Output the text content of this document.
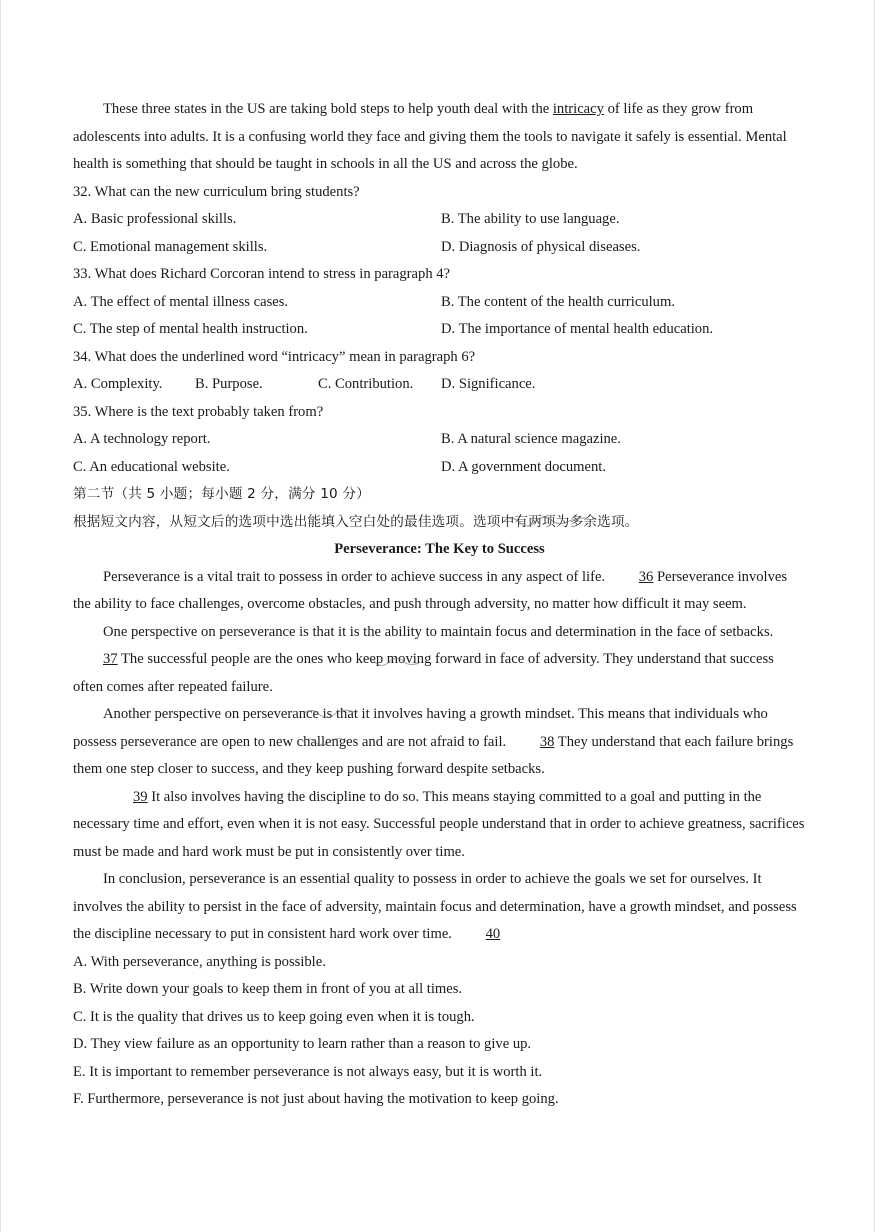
These three states in the US are taking bold steps to help youth deal with the intricacy of life as they grow from adolescents into adults. It is a confusing world they face and giving them the tools to navigate it safely is essential. Mental health is something that should be taught in schools in all the US and across the globe.

32. What can the new curriculum bring students?

A. Basic professional skills.	B. The ability to use language.
C. Emotional management skills.	D. Diagnosis of physical diseases.

33. What does Richard Corcoran intend to stress in paragraph 4?

A. The effect of mental illness cases.	B. The content of the health curriculum.
C. The step of mental health instruction.	D. The importance of mental health education.

34. What does the underlined word “intricacy” mean in paragraph 6?

A. Complexity.	B. Purpose.	C. Contribution.	D. Significance.

35. Where is the text probably taken from?

A. A technology report.	B. A natural science magazine.
C. An educational website.	D. A government document.

第二节（共 5 小题；每小题 2 分，满分 10 分）

根据短文内容，从短文后的选项中选出能填入空白处的最佳选项。选项中有两项为多余选项。

Perseverance: The Key to Success

Perseverance is a vital trait to possess in order to achieve success in any aspect of life. 36 Perseverance involves the ability to face challenges, overcome obstacles, and push through adversity, no matter how difficult it may seem.

One perspective on perseverance is that it is the ability to maintain focus and determination in the face of setbacks. 37 The successful people are the ones who keep moving forward in face of adversity. They understand that success often comes after repeated failure.

Another perspective on perseverance is that it involves having a growth mindset. This means that individuals who possess perseverance are open to new challenges and are not afraid to fail. 38 They understand that each failure brings them one step closer to success, and they keep pushing forward despite setbacks.

39 It also involves having the discipline to do so. This means staying committed to a goal and putting in the necessary time and effort, even when it is not easy. Successful people understand that in order to achieve greatness, sacrifices must be made and hard work must be put in consistently over time.

In conclusion, perseverance is an essential quality to possess in order to achieve the goals we set for ourselves. It involves the ability to persist in the face of adversity, maintain focus and determination, have a growth mindset, and possess the discipline necessary to put in consistent hard work over time. 40

A. With perseverance, anything is possible.

B. Write down your goals to keep them in front of you at all times.

C. It is the quality that drives us to keep going even when it is tough.

D. They view failure as an opportunity to learn rather than a reason to give up.

E. It is important to remember perseverance is not always easy, but it is worth it.

F. Furthermore, perseverance is not just about having the motivation to keep going.
